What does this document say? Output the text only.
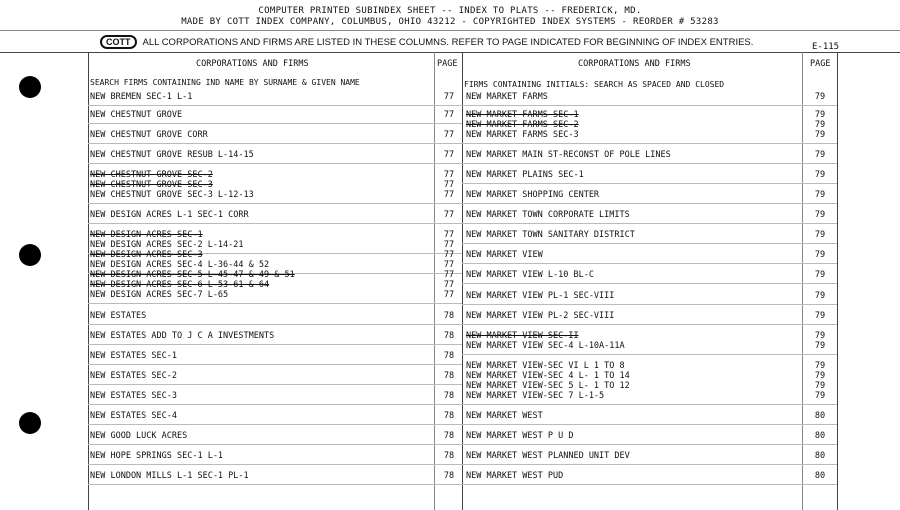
COMPUTER PRINTED SUBINDEX SHEET -- INDEX TO PLATS -- FREDERICK, MD.
MADE BY COTT INDEX COMPANY, COLUMBUS, OHIO 43212 - COPYRIGHTED INDEX SYSTEMS - REORDER # 53283
COTT ALL CORPORATIONS AND FIRMS ARE LISTED IN THESE COLUMNS. REFER TO PAGE INDICATED FOR BEGINNING OF INDEX ENTRIES.	E-115
CORPORATIONS AND FIRMS	PAGE	CORPORATIONS AND FIRMS	PAGE
SEARCH FIRMS CONTAINING IND NAME BY SURNAME & GIVEN NAME	FIRMS CONTAINING INITIALS: SEARCH AS SPACED AND CLOSED
NEW BREMEN SEC-1 L-1	77
NEW CHESTNUT GROVE	77
NEW CHESTNUT GROVE CORR	77
NEW CHESTNUT GROVE RESUB L-14-15	77
NEW CHESTNUT GROVE SEC-2	77
NEW CHESTNUT GROVE SEC-3	77
NEW CHESTNUT GROVE SEC-3 L-12-13	77
NEW DESIGN ACRES L-1 SEC-1 CORR	77
NEW DESIGN ACRES SEC-1	77
NEW DESIGN ACRES SEC-2 L-14-21	77
NEW DESIGN ACRES SEC-3	77
NEW DESIGN ACRES SEC-4 L-36-44 & 52	77
NEW DESIGN ACRES SEC-5 L-45-47 & 49 & 51	77
NEW DESIGN ACRES SEC-6 L-53-61 & 64	77
NEW DESIGN ACRES SEC-7 L-65	77
NEW ESTATES	78
NEW ESTATES ADD TO J C A INVESTMENTS	78
NEW ESTATES SEC-1	78
NEW ESTATES SEC-2	78
NEW ESTATES SEC-3	78
NEW ESTATES SEC-4	78
NEW GOOD LUCK ACRES	78
NEW HOPE SPRINGS SEC-1 L-1	78
NEW LONDON MILLS L-1 SEC-1 PL-1	78
NEW MARKET FARMS	79
NEW MARKET FARMS SEC-1	79
NEW MARKET FARMS SEC-2	79
NEW MARKET FARMS SEC-3	79
NEW MARKET MAIN ST-RECONST OF POLE LINES	79
NEW MARKET PLAINS SEC-1	79
NEW MARKET SHOPPING CENTER	79
NEW MARKET TOWN CORPORATE LIMITS	79
NEW MARKET TOWN SANITARY DISTRICT	79
NEW MARKET VIEW	79
NEW MARKET VIEW L-10 BL-C	79
NEW MARKET VIEW PL-1 SEC-VIII	79
NEW MARKET VIEW PL-2 SEC-VIII	79
NEW MARKET VIEW SEC-II	79
NEW MARKET VIEW SEC-4 L-10A-11A	79
NEW MARKET VIEW-SEC VI L 1 TO 8	79
NEW MARKET VIEW-SEC 4 L- 1 TO 14	79
NEW MARKET VIEW-SEC 5 L- 1 TO 12	79
NEW MARKET VIEW-SEC 7 L-1-5	79
NEW MARKET WEST	80
NEW MARKET WEST P U D	80
NEW MARKET WEST PLANNED UNIT DEV	80
NEW MARKET WEST PUD	80
